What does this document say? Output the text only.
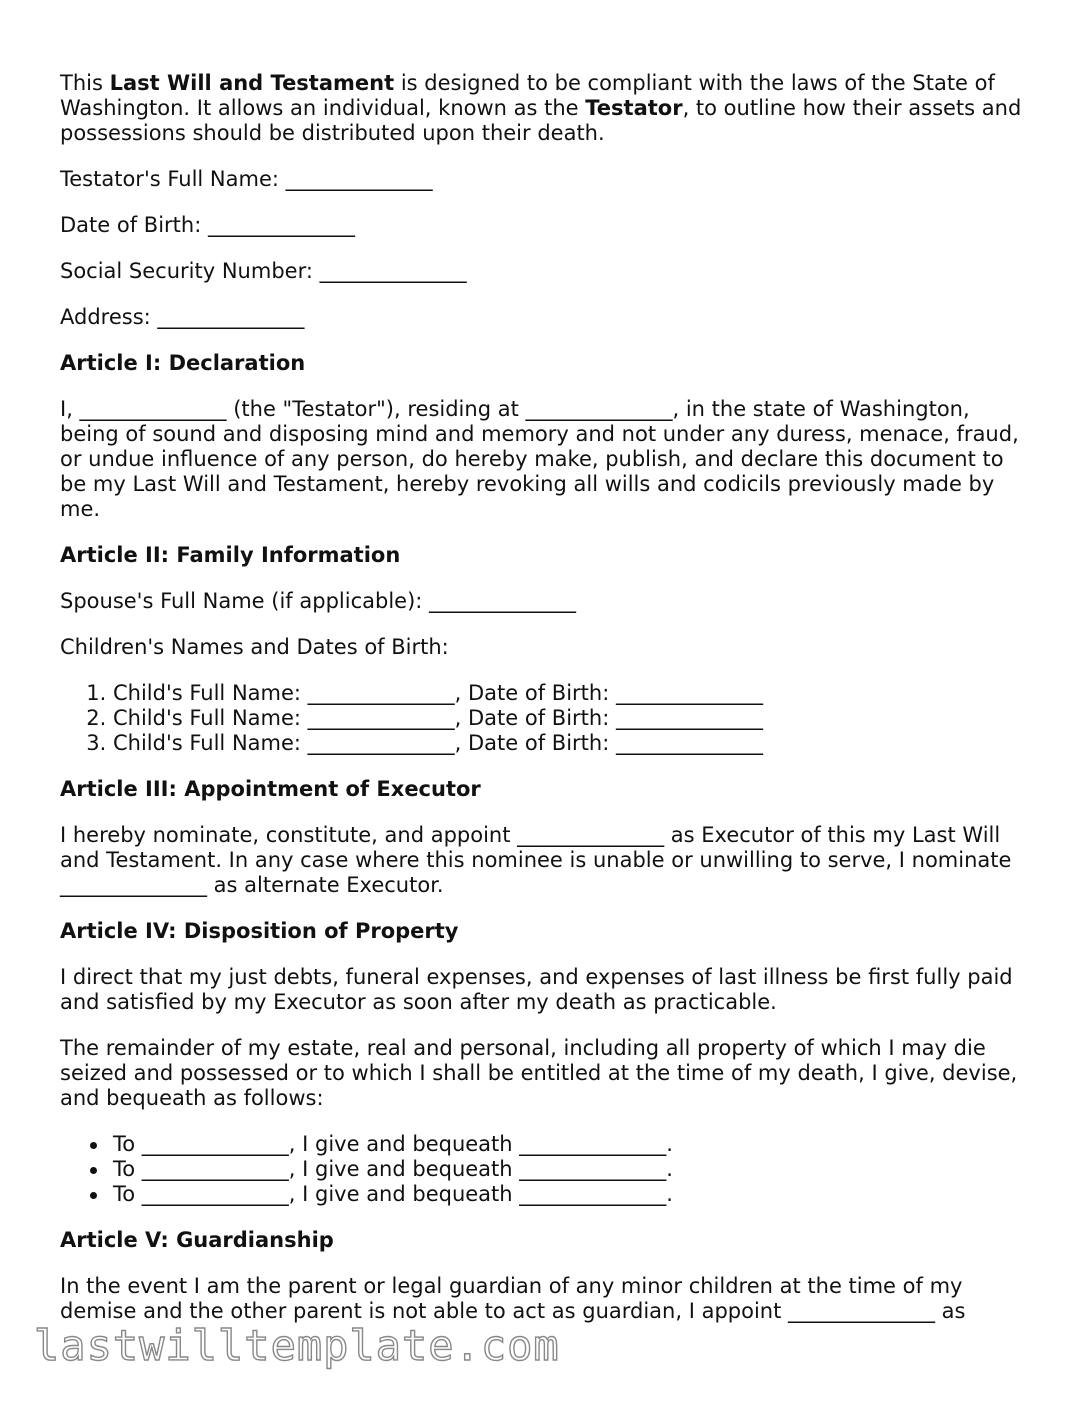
This Last Will and Testament is designed to be compliant with the laws of the State of Washington. It allows an individual, known as the Testator, to outline how their assets and possessions should be distributed upon their death.

Testator's Full Name: ______________

Date of Birth: ______________

Social Security Number: ______________

Address: ______________

Article I: Declaration

I, ______________ (the "Testator"), residing at ______________, in the state of Washington, being of sound and disposing mind and memory and not under any duress, menace, fraud, or undue influence of any person, do hereby make, publish, and declare this document to be my Last Will and Testament, hereby revoking all wills and codicils previously made by me.

Article II: Family Information

Spouse's Full Name (if applicable): ______________

Children's Names and Dates of Birth:

1. Child's Full Name: ______________, Date of Birth: ______________
2. Child's Full Name: ______________, Date of Birth: ______________
3. Child's Full Name: ______________, Date of Birth: ______________
Article III: Appointment of Executor

I hereby nominate, constitute, and appoint ______________ as Executor of this my Last Will and Testament. In any case where this nominee is unable or unwilling to serve, I nominate ______________ as alternate Executor.

Article IV: Disposition of Property

I direct that my just debts, funeral expenses, and expenses of last illness be first fully paid and satisfied by my Executor as soon after my death as practicable.

The remainder of my estate, real and personal, including all property of which I may die seized and possessed or to which I shall be entitled at the time of my death, I give, devise, and bequeath as follows:

To ______________, I give and bequeath ______________.
To ______________, I give and bequeath ______________.
To ______________, I give and bequeath ______________.
Article V: Guardianship

In the event I am the parent or legal guardian of any minor children at the time of my demise and the other parent is not able to act as guardian, I appoint ______________ as

lastwilltemplate.com
